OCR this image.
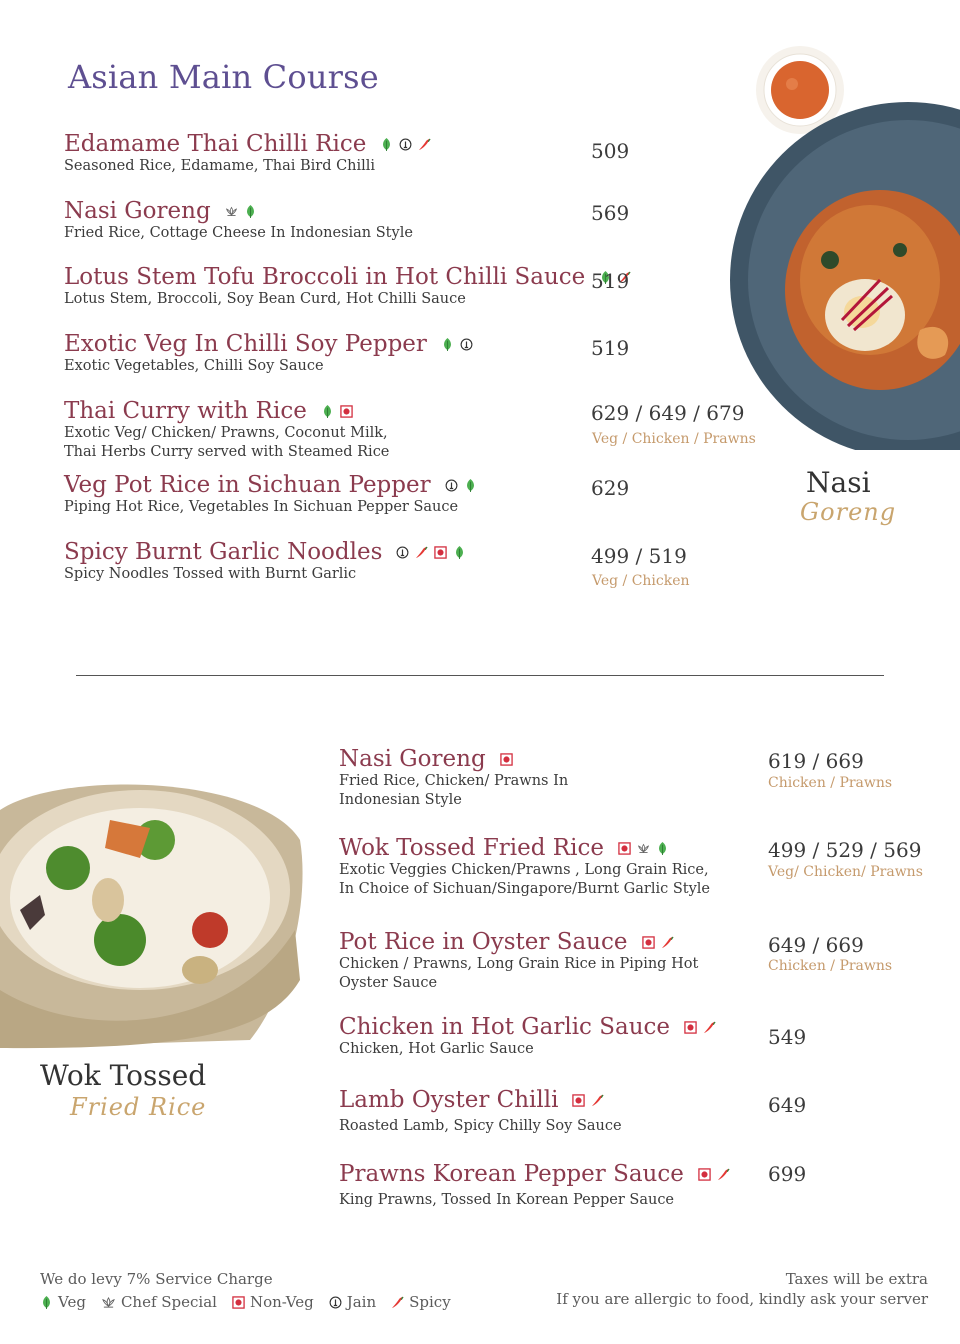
Asian Main Course
Edamame Thai Chilli Rice
Seasoned Rice, Edamame, Thai Bird Chilli
509
Nasi Goreng
Fried Rice, Cottage Cheese In Indonesian Style
569
Lotus Stem Tofu Broccoli in Hot Chilli Sauce
Lotus Stem, Broccoli, Soy Bean Curd, Hot Chilli Sauce
519
Exotic Veg In Chilli Soy Pepper
Exotic Vegetables, Chilli Soy Sauce
519
Thai Curry with Rice
Exotic Veg/ Chicken/ Prawns, Coconut Milk,
Thai Herbs Curry served with Steamed Rice
629 / 649 / 679
Veg / Chicken / Prawns
Veg Pot Rice in Sichuan Pepper
Piping Hot Rice, Vegetables In Sichuan Pepper Sauce
629
Spicy Burnt Garlic Noodles
Spicy Noodles Tossed with Burnt Garlic
499 / 519
Veg / Chicken
Nasi
Goreng
Wok Tossed
Fried Rice
Nasi Goreng
Fried Rice, Chicken/ Prawns In
Indonesian Style
619 / 669
Chicken / Prawns
Wok Tossed Fried Rice
Exotic Veggies Chicken/Prawns , Long Grain Rice,
In Choice of Sichuan/Singapore/Burnt Garlic Style
499 / 529 / 569
Veg/ Chicken/ Prawns
Pot Rice in Oyster Sauce
Chicken / Prawns, Long Grain Rice in Piping Hot
Oyster Sauce
649 / 669
Chicken / Prawns
Chicken in Hot Garlic Sauce
Chicken, Hot Garlic Sauce	549
Lamb Oyster Chilli
Roasted Lamb, Spicy Chilly Soy Sauce
649
Prawns Korean Pepper Sauce
King Prawns, Tossed In Korean Pepper Sauce
699
We do levy 7% Service Charge
Veg Chef Special Non-Veg Jain Spicy
Taxes will be extra
If you are allergic to food, kindly ask your server
